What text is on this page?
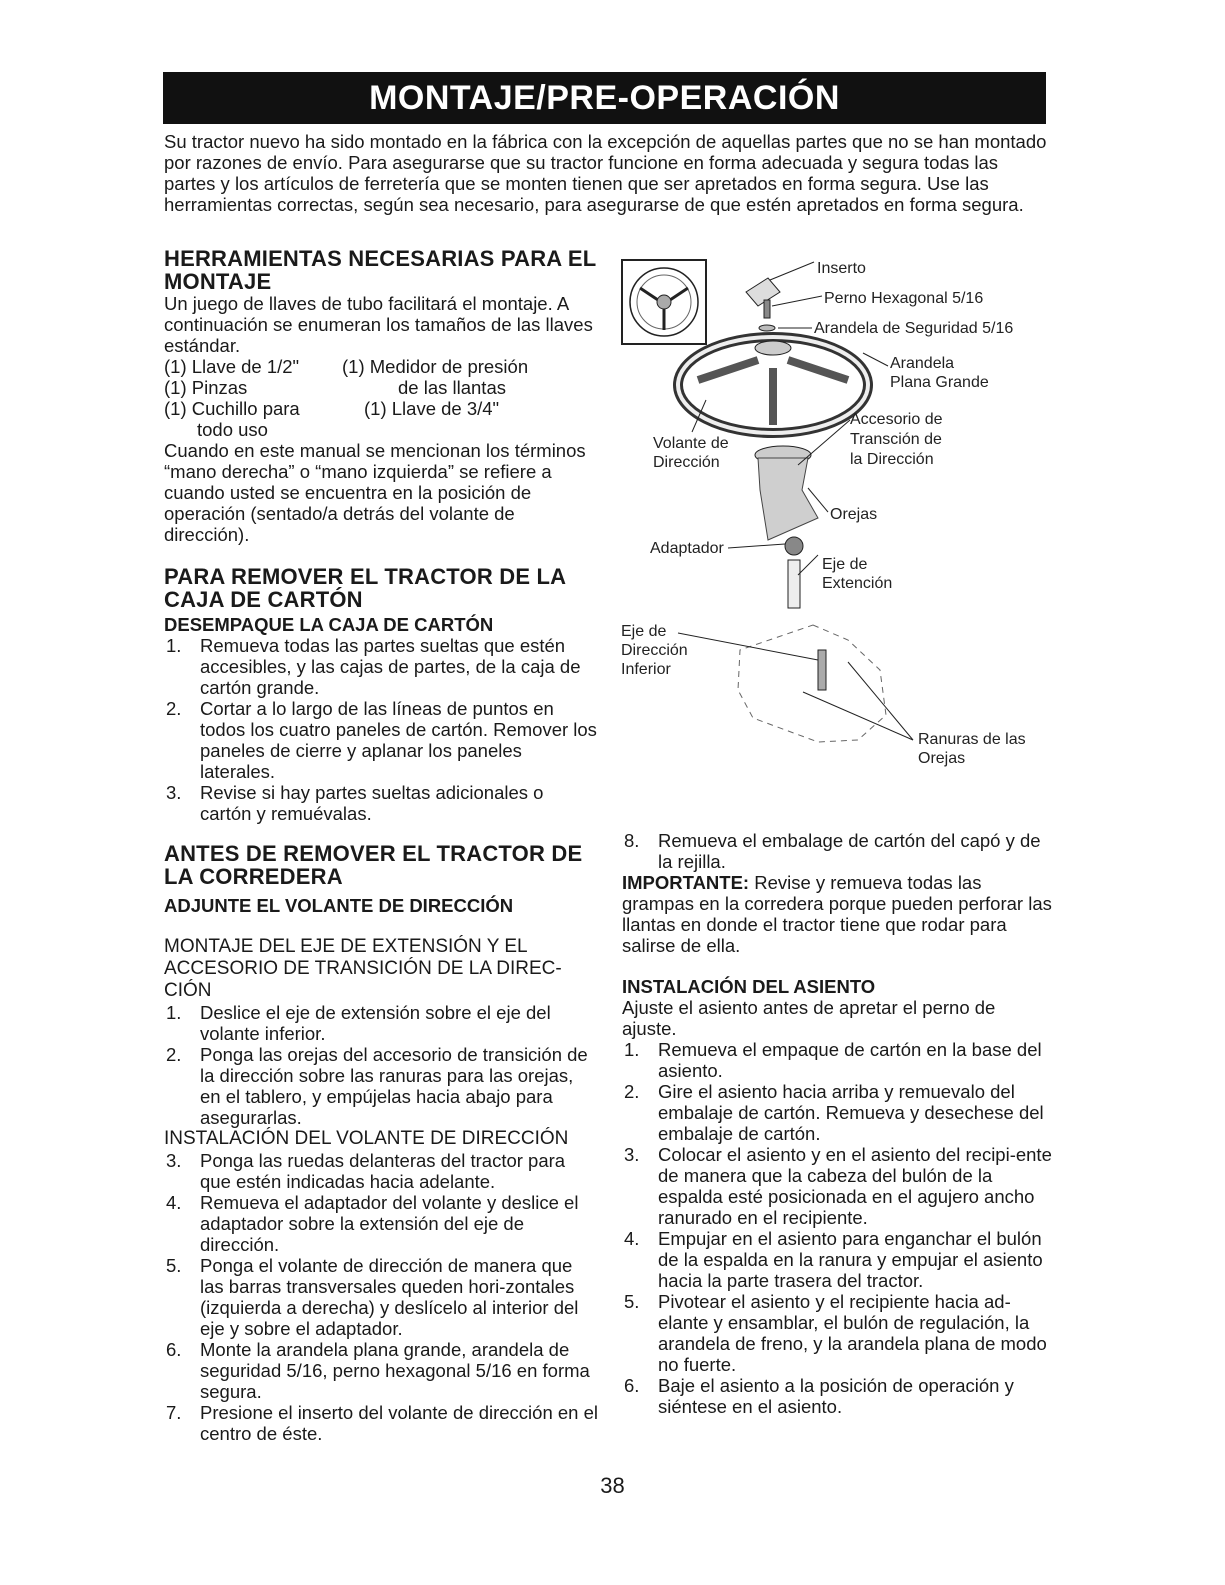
MONTAJE/PRE-OPERACIÓN

Su tractor nuevo ha sido montado en la fábrica con la excepción de aquellas partes que no se han montado por razones de envío. Para asegurarse que su tractor funcione en forma adecuada y segura todas las partes y los artículos de ferretería que se monten tienen que ser apretados en forma segura. Use las herramientas correctas, según sea necesario, para asegurarse de que estén apretados en forma segura.

HERRAMIENTAS NECESARIAS PARA EL MONTAJE

Un juego de llaves de tubo facilitará el montaje. A continuación se enumeran los tamaños de las llaves estándar.

(1) Llave de 1/2" (1) Medidor de presión
(1) Pinzas	de las llantas
(1) Cuchillo para	(1) Llave de 3/4"

todo uso

Cuando en este manual se mencionan los términos “mano derecha” o “mano izquierda” se refiere a cuando usted se encuentra en la posición de operación (sentado/a detrás del volante de dirección).

PARA REMOVER EL TRACTOR DE LA CAJA DE CARTÓN
DESEMPAQUE LA CAJA DE CARTÓN
1. Remueva todas las partes sueltas que estén accesibles, y las cajas de partes, de la caja de cartón grande.
2. Cortar a lo largo de las líneas de puntos en todos los cuatro paneles de cartón. Remover los paneles de cierre y aplanar los paneles laterales.
3. Revise si hay partes sueltas adicionales o cartón y remuévalas.
ANTES DE REMOVER EL TRACTOR DE LA CORREDERA
ADJUNTE EL VOLANTE DE DIRECCIÓN

MONTAJE DEL EJE DE EXTENSIÓN Y EL ACCESORIO DE TRANSICIÓN DE LA DIREC-CIÓN

1. Deslice el eje de extensión sobre el eje del volante inferior.
2. Ponga las orejas del accesorio de transición de la dirección sobre las ranuras para las orejas, en el tablero, y empújelas hacia abajo para asegurarlas.

INSTALACIÓN DEL VOLANTE DE DIRECCIÓN

3. Ponga las ruedas delanteras del tractor para que estén indicadas hacia adelante.
4. Remueva el adaptador del volante y deslice el adaptador sobre la extensión del eje de dirección.
5. Ponga el volante de dirección de manera que las barras transversales queden hori-zontales (izquierda a derecha) y deslícelo al interior del eje y sobre el adaptador.
6. Monte la arandela plana grande, arandela de seguridad 5/16, perno hexagonal 5/16 en forma segura.
7. Presione el inserto del volante de dirección en el centro de éste.
Inserto
Perno Hexagonal 5/16
Arandela de Seguridad 5/16
Arandela
Plana Grande
Accesorio de
Transción de
la Dirección
Volante de
Dirección
Orejas
Adaptador
Eje de
Extención
Eje de
Dirección
Inferior
Ranuras de las
Orejas
8. Remueva el embalage de cartón del capó y de la rejilla.

IMPORTANTE: Revise y remueva todas las grampas en la corredera porque pueden perforar las llantas en donde el tractor tiene que rodar para salirse de ella.

INSTALACIÓN DEL ASIENTO

Ajuste el asiento antes de apretar el perno de ajuste.

1. Remueva el empaque de cartón en la base del asiento.
2. Gire el asiento hacia arriba y remuevalo del embalaje de cartón. Remueva y desechese del embalaje de cartón.
3. Colocar el asiento y en el asiento del recipi-ente de manera que la cabeza del bulón de la espalda esté posicionada en el agujero ancho ranurado en el recipiente.
4. Empujar en el asiento para enganchar el bulón de la espalda en la ranura y empujar el asiento hacia la parte trasera del tractor.
5. Pivotear el asiento y el recipiente hacia ad-elante y ensamblar, el bulón de regulación, la arandela de freno, y la arandela plana de modo no fuerte.
6. Baje el asiento a la posición de operación y siéntese en el asiento.
38
